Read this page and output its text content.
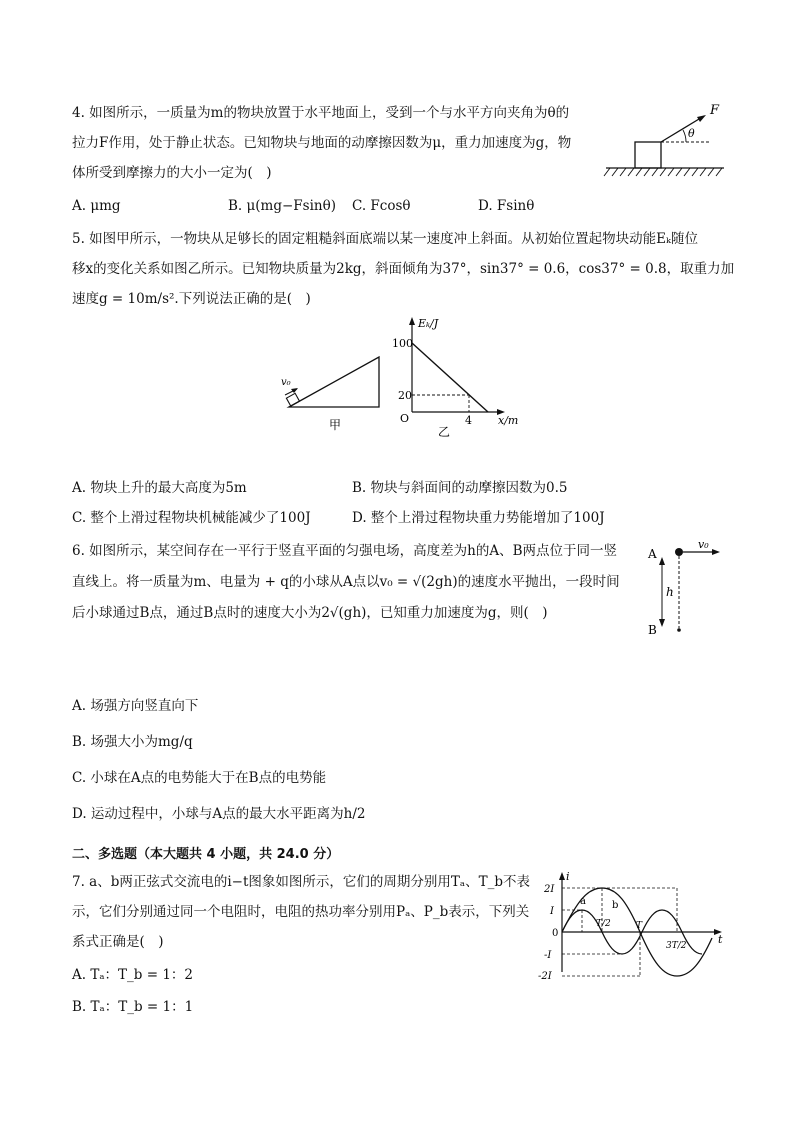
4. 如图所示，一质量为m的物块放置于水平地面上，受到一个与水平方向夹角为θ的
拉力F作用，处于静止状态。已知物块与地面的动摩擦因数为μ，重力加速度为g，物
体所受到摩擦力的大小一定为(　)
A. μmg	B. μ(mg−Fsinθ) C. Fcosθ	D. Fsinθ
F
θ
5. 如图甲所示，一物块从足够长的固定粗糙斜面底端以某一速度冲上斜面。从初始位置起物块动能Eₖ随位
移x的变化关系如图乙所示。已知物块质量为2kg，斜面倾角为37°，sin37° = 0.6，cos37° = 0.8，取重力加
速度g = 10m/s².下列说法正确的是(　)
v₀
甲
Eₖ/J
100
20
O	4 x/m
乙
A. 物块上升的最大高度为5m	B. 物块与斜面间的动摩擦因数为0.5
C. 整个上滑过程物块机械能减少了100J	D. 整个上滑过程物块重力势能增加了100J
6. 如图所示，某空间存在一平行于竖直平面的匀强电场，高度差为h的A、B两点位于同一竖
直线上。将一质量为m、电量为 + q的小球从A点以v₀ = √(2gh)的速度水平抛出，一段时间
后小球通过B点，通过B点时的速度大小为2√(gh)，已知重力加速度为g，则(　)
v₀
A
h
B
A. 场强方向竖直向下
B. 场强大小为mg/q
C. 小球在A点的电势能大于在B点的电势能
D. 运动过程中，小球与A点的最大水平距离为h/2
二、多选题（本大题共 4 小题，共 24.0 分）
7. a、b两正弦式交流电的i−t图象如图所示，它们的周期分别用Tₐ、T_b不表
示，它们分别通过同一个电阻时，电阻的热功率分别用Pₐ、P_b表示，下列关
系式正确是(　)
A. Tₐ：T_b = 1：2
B. Tₐ：T_b = 1：1
i
t
2I
I
0
-I
-2I
a	b
T/2	T
3T/2
